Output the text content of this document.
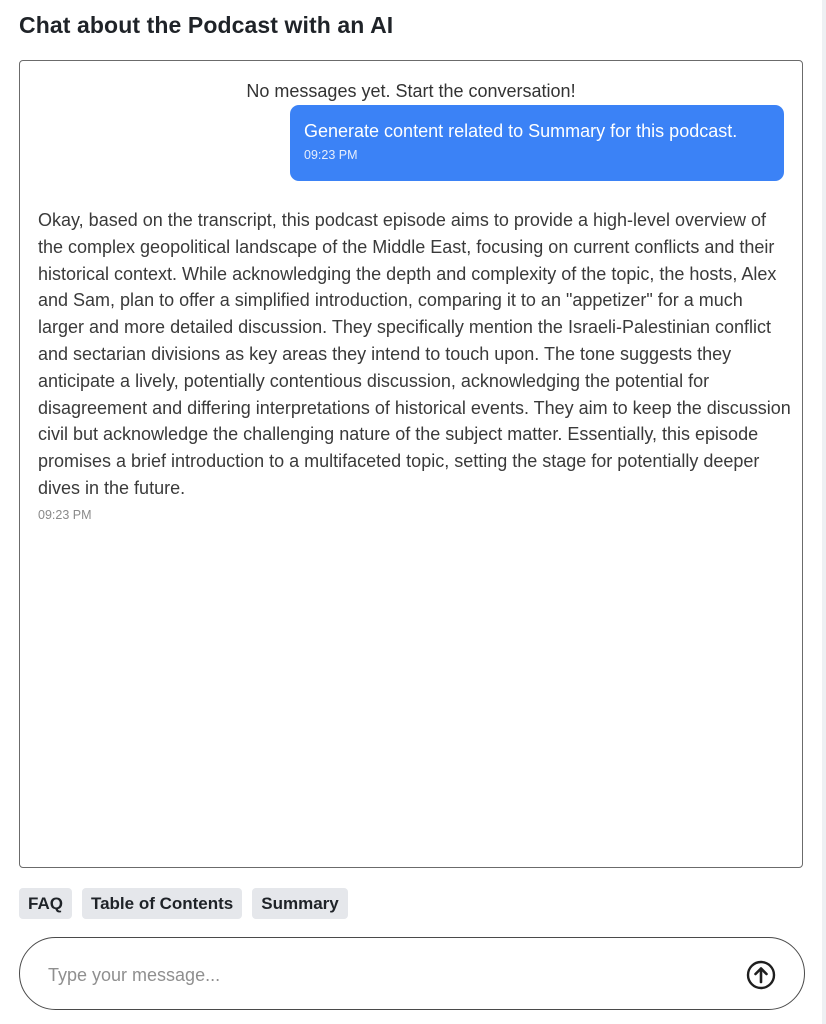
Chat about the Podcast with an AI
No messages yet. Start the conversation!
Generate content related to Summary for this podcast.
09:23 PM
Okay, based on the transcript, this podcast episode aims to provide a high-level overview of the complex geopolitical landscape of the Middle East, focusing on current conflicts and their historical context. While acknowledging the depth and complexity of the topic, the hosts, Alex and Sam, plan to offer a simplified introduction, comparing it to an "appetizer" for a much larger and more detailed discussion. They specifically mention the Israeli-Palestinian conflict and sectarian divisions as key areas they intend to touch upon. The tone suggests they anticipate a lively, potentially contentious discussion, acknowledging the potential for disagreement and differing interpretations of historical events. They aim to keep the discussion civil but acknowledge the challenging nature of the subject matter. Essentially, this episode promises a brief introduction to a multifaceted topic, setting the stage for potentially deeper dives in the future.
09:23 PM
FAQ	Table of Contents	Summary
Type your message...
